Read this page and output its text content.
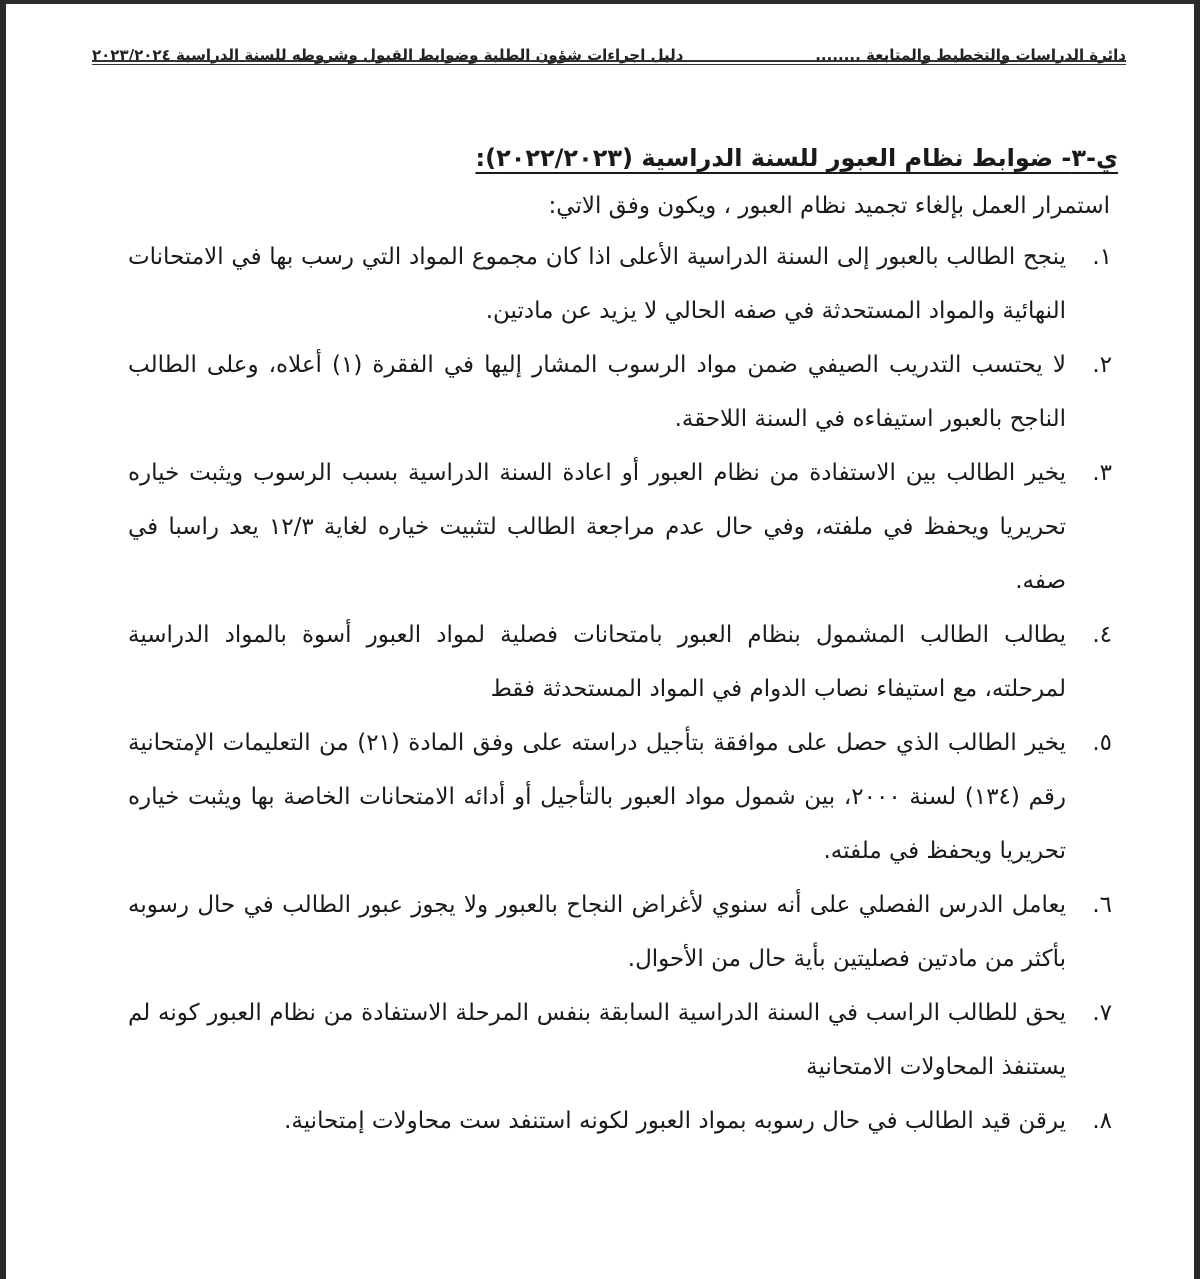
دائرة الدراسات والتخطيط والمتابعة ........
دليل اجراءات شؤون الطلبة وضوابط القبول وشروطه للسنة الدراسية ٢٠٢٣/٢٠٢٤
ي-٣- ضوابط نظام العبور للسنة الدراسية (٢٠٢٢/٢٠٢٣):
استمرار العمل بإلغاء تجميد نظام العبور ، ويكون وفق الاتي:
١.
ينجح الطالب بالعبور إلى السنة الدراسية الأعلى اذا كان مجموع المواد التي رسب بها في الامتحانات النهائية والمواد المستحدثة في صفه الحالي لا يزيد عن مادتين.
٢.
لا يحتسب التدريب الصيفي ضمن مواد الرسوب المشار إليها في الفقرة (١) أعلاه، وعلى الطالب الناجح بالعبور استيفاءه في السنة اللاحقة.
٣.
يخير الطالب بين الاستفادة من نظام العبور أو اعادة السنة الدراسية بسبب الرسوب ويثبت خياره تحريريا ويحفظ في ملفته، وفي حال عدم مراجعة الطالب لتثبيت خياره لغاية ١٢/٣ يعد راسبا في صفه.
٤.
يطالب الطالب المشمول بنظام العبور بامتحانات فصلية لمواد العبور أسوة بالمواد الدراسية لمرحلته، مع استيفاء نصاب الدوام في المواد المستحدثة فقط
٥.
يخير الطالب الذي حصل على موافقة بتأجيل دراسته على وفق المادة (٢١) من التعليمات الإمتحانية رقم (١٣٤) لسنة ٢٠٠٠، بين شمول مواد العبور بالتأجيل أو أدائه الامتحانات الخاصة بها ويثبت خياره تحريريا ويحفظ في ملفته.
٦.
يعامل الدرس الفصلي على أنه سنوي لأغراض النجاح بالعبور ولا يجوز عبور الطالب في حال رسوبه بأكثر من مادتين فصليتين بأية حال من الأحوال.
٧.
يحق للطالب الراسب في السنة الدراسية السابقة بنفس المرحلة الاستفادة من نظام العبور كونه لم يستنفذ المحاولات الامتحانية
٨.
يرقن قيد الطالب في حال رسوبه بمواد العبور لكونه استنفد ست محاولات إمتحانية.
